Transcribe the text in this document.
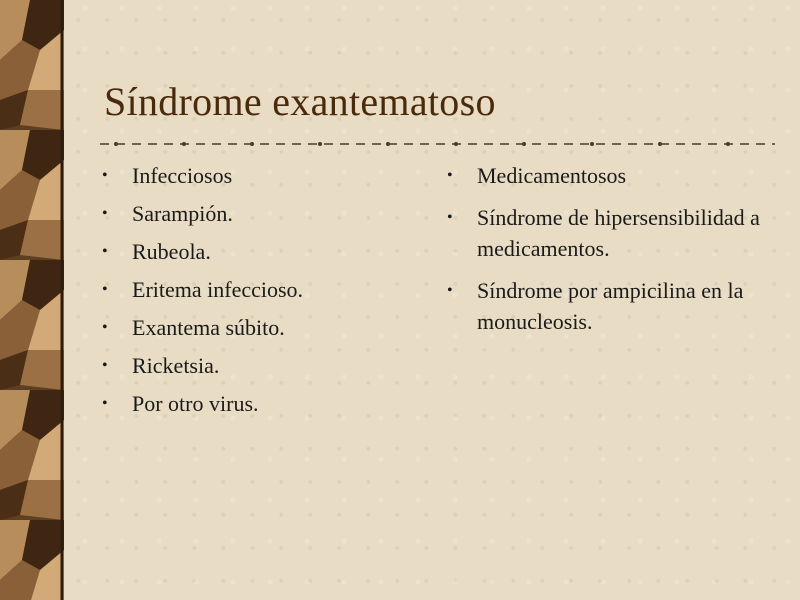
Síndrome exantematoso
• Infecciosos
• Sarampión.
• Rubeola.
• Eritema infeccioso.
• Exantema súbito.
• Ricketsia.
• Por otro virus.
• Medicamentosos
• Síndrome de hipersensibilidad a medicamentos.
• Síndrome por ampicilina en la monucleosis.
